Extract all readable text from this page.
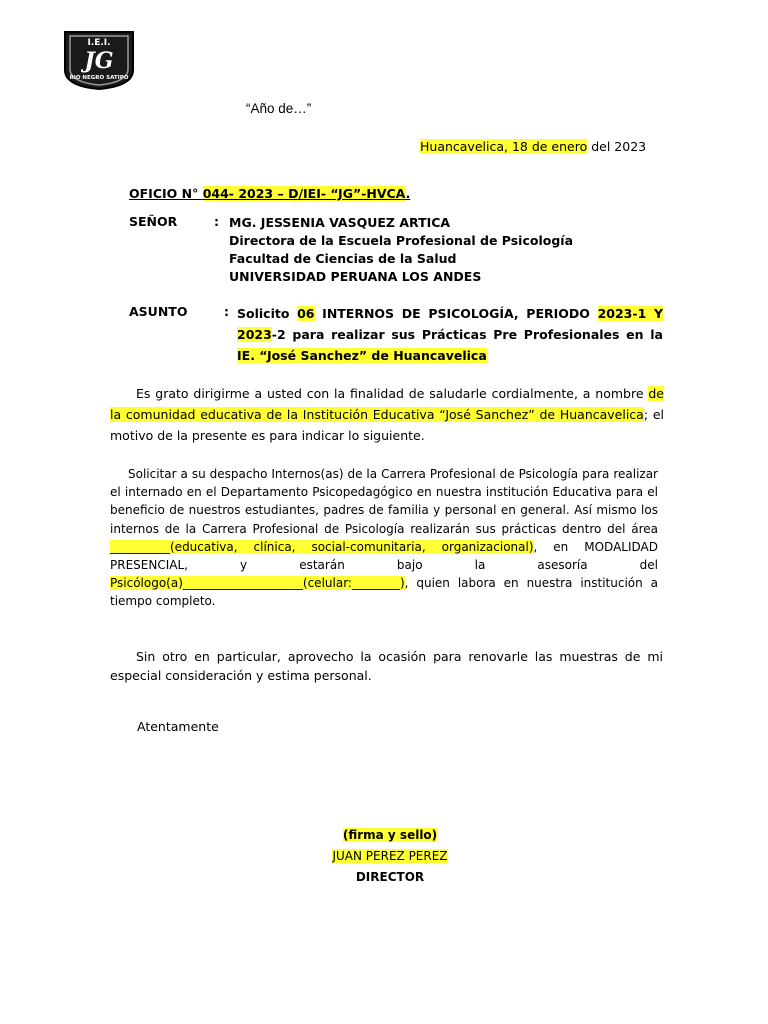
I.E.I.
JG
RIO NEGRO SATIPO
“Año de…”
Huancavelica, 18 de enero del 2023
OFICIO N° 044- 2023 – D/IEI- “JG”-HVCA.
SEÑOR	: MG. JESSENIA VASQUEZ ARTICA
Directora de la Escuela Profesional de Psicología
Facultad de Ciencias de la Salud
UNIVERSIDAD PERUANA LOS ANDES
ASUNTO	: Solicito 06 INTERNOS DE PSICOLOGÍA, PERIODO 2023-1 Y 2023-2 para realizar sus Prácticas Pre Profesionales en la IE. “José Sanchez” de Huancavelica
Es grato dirigirme a usted con la finalidad de saludarle cordialmente, a nombre de la comunidad educativa de la Institución Educativa “José Sanchez” de Huancavelica; el motivo de la presente es para indicar lo siguiente.
Solicitar a su despacho Internos(as) de la Carrera Profesional de Psicología para realizar el internado en el Departamento Psicopedagógico en nuestra institución Educativa para el beneficio de nuestros estudiantes, padres de familia y personal en general. Así mismo los internos de la Carrera Profesional de Psicología realizarán sus prácticas dentro del área __________(educativa, clínica, social-comunitaria, organizacional), en MODALIDAD PRESENCIAL, y estarán bajo la asesoría del Psicólogo(a)____________________(celular:________), quien labora en nuestra institución a tiempo completo.
Sin otro en particular, aprovecho la ocasión para renovarle las muestras de mi especial consideración y estima personal.
Atentamente
(firma y sello)
JUAN PEREZ PEREZ
DIRECTOR
